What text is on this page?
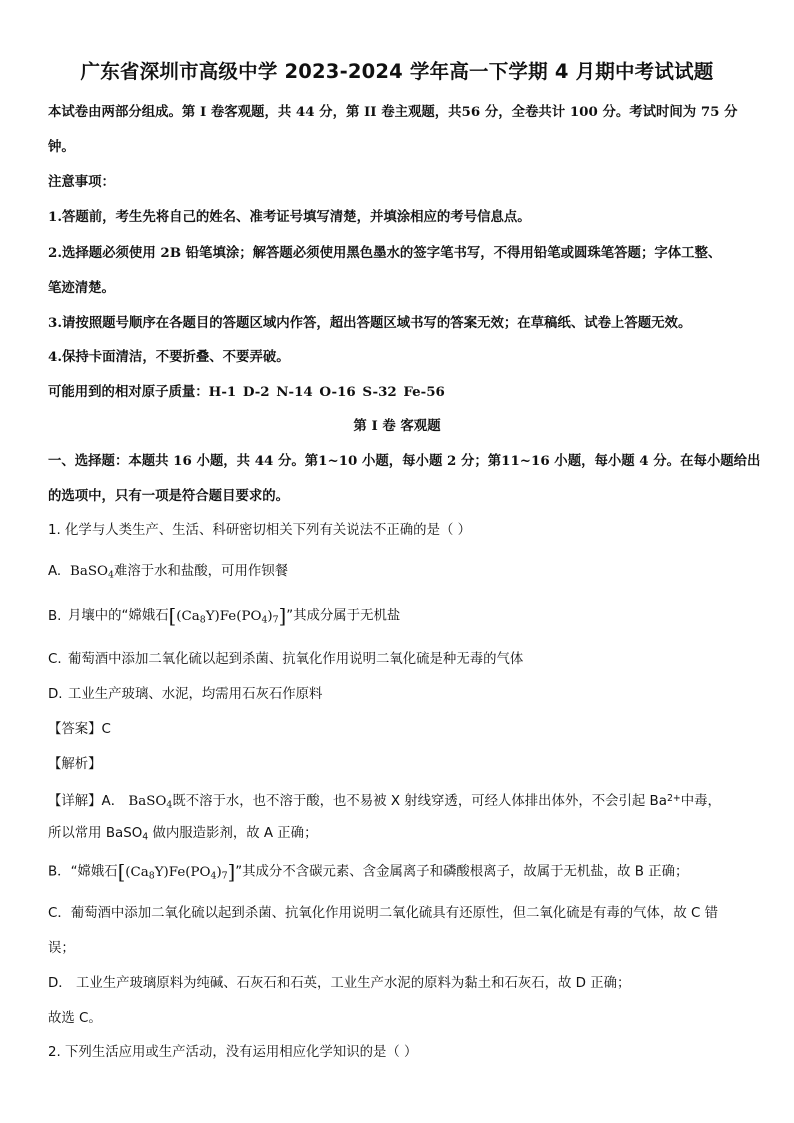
广东省深圳市高级中学 2023-2024 学年高一下学期 4 月期中考试试题
本试卷由两部分组成。第 I 卷客观题，共 44 分，第 II 卷主观题，共56 分，全卷共计 100 分。考试时间为 75 分
钟。
注意事项：
1.答题前，考生先将自己的姓名、准考证号填写清楚，并填涂相应的考号信息点。
2.选择题必须使用 2B 铅笔填涂；解答题必须使用黑色墨水的签字笔书写，不得用铅笔或圆珠笔答题；字体工整、
笔迹清楚。
3.请按照题号顺序在各题目的答题区域内作答，超出答题区域书写的答案无效；在草稿纸、试卷上答题无效。
4.保持卡面清洁，不要折叠、不要弄破。
可能用到的相对原子质量：H-1 D-2 N-14 O-16 S-32 Fe-56
第 I 卷 客观题
一、选择题：本题共 16 小题，共 44 分。第1~10 小题，每小题 2 分；第11~16 小题，每小题 4 分。在每小题给出
的选项中，只有一项是符合题目要求的。
1. 化学与人类生产、生活、科研密切相关下列有关说法不正确的是（ ）
A. BaSO$_4$难溶于水和盐酸，可用作钡餐
B. 月壤中的“嫦娥石$[(Ca_8Y)Fe(PO_4)_7]$”其成分属于无机盐
C. 葡萄酒中添加二氧化硫以起到杀菌、抗氧化作用说明二氧化硫是种无毒的气体
D. 工业生产玻璃、水泥，均需用石灰石作原料
【答案】C
【解析】
【详解】A． BaSO$_4$既不溶于水，也不溶于酸，也不易被 X 射线穿透，可经人体排出体外，不会引起 $Ba^{2+}$中毒，
所以常用 BaSO$_4$ 做内服造影剂，故 A 正确；
B．“嫦娥石$[(Ca_8Y)Fe(PO_4)_7]$”其成分不含碳元素、含金属离子和磷酸根离子，故属于无机盐，故 B 正确；
C．葡萄酒中添加二氧化硫以起到杀菌、抗氧化作用说明二氧化硫具有还原性，但二氧化硫是有毒的气体，故 C 错
误；
D． 工业生产玻璃原料为纯碱、石灰石和石英，工业生产水泥的原料为黏土和石灰石，故 D 正确；
故选 C。
2. 下列生活应用或生产活动，没有运用相应化学知识的是（ ）
